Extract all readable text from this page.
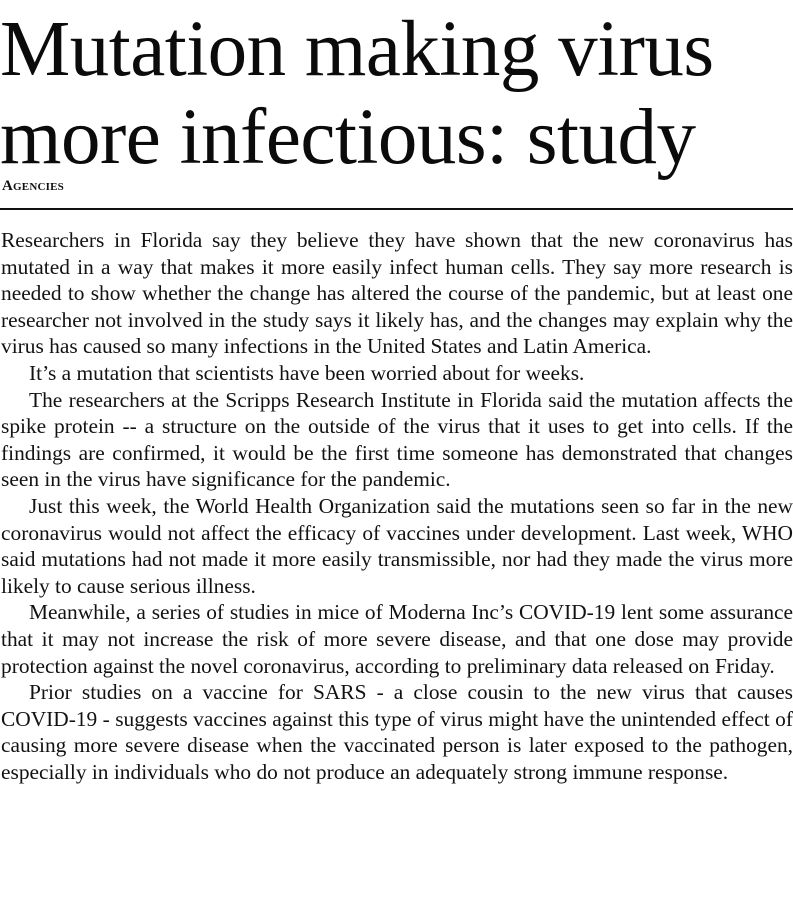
Mutation making virus
more infectious: study
Agencies

Researchers in Florida say they believe they have shown that the new coronavirus has mutated in a way that makes it more easily infect human cells. They say more research is needed to show whether the change has altered the course of the pandemic, but at least one researcher not involved in the study says it likely has, and the changes may explain why the virus has caused so many infections in the United States and Latin America.

It’s a mutation that scientists have been worried about for weeks.

The researchers at the Scripps Research Institute in Florida said the mutation affects the spike protein -- a structure on the outside of the virus that it uses to get into cells. If the findings are confirmed, it would be the first time someone has demonstrated that changes seen in the virus have significance for the pandemic.

Just this week, the World Health Organization said the mutations seen so far in the new coronavirus would not affect the efficacy of vaccines under development. Last week, WHO said mutations had not made it more easily transmissible, nor had they made the virus more likely to cause serious illness.

Meanwhile, a series of studies in mice of Moderna Inc’s COVID-19 lent some assurance that it may not increase the risk of more severe disease, and that one dose may provide protection against the novel coronavirus, according to preliminary data released on Friday.

Prior studies on a vaccine for SARS - a close cousin to the new virus that causes COVID-19 - suggests vaccines against this type of virus might have the unintended effect of causing more severe disease when the vaccinated person is later exposed to the pathogen, especially in individuals who do not produce an adequately strong immune response.
